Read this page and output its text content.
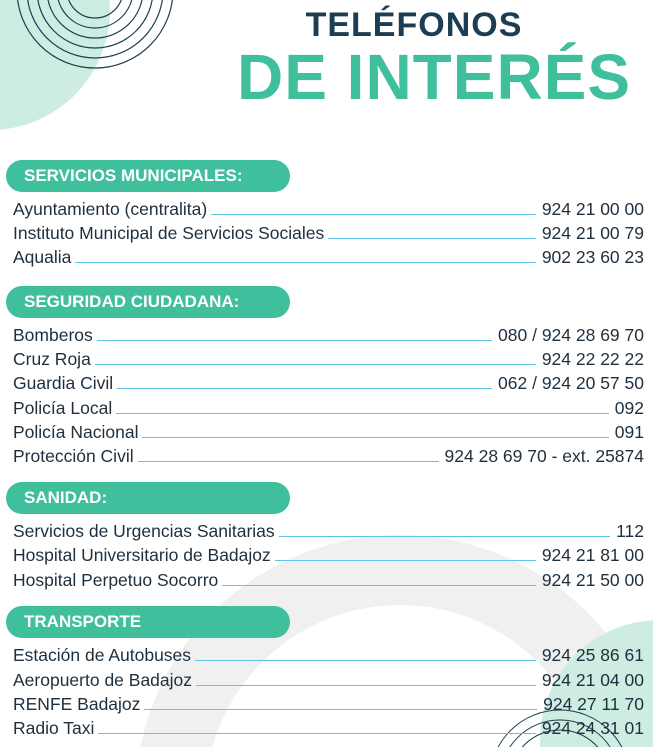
TELÉFONOS
DE INTERÉS
SERVICIOS MUNICIPALES:
Ayuntamiento (centralita)	924 21 00 00
Instituto Municipal de Servicios Sociales	924 21 00 79
Aqualia	902 23 60 23
SEGURIDAD CIUDADANA:
Bomberos	080 / 924 28 69 70
Cruz Roja	924 22 22 22
Guardia Civil	062 / 924 20 57 50
Policía Local	092
Policía Nacional	091
Protección Civil	924 28 69 70 - ext. 25874
SANIDAD:
Servicios de Urgencias Sanitarias	112
Hospital Universitario de Badajoz	924 21 81 00
Hospital Perpetuo Socorro	924 21 50 00
TRANSPORTE
Estación de Autobuses	924 25 86 61
Aeropuerto de Badajoz	924 21 04 00
RENFE Badajoz	924 27 11 70
Radio Taxi	924 24 31 01
